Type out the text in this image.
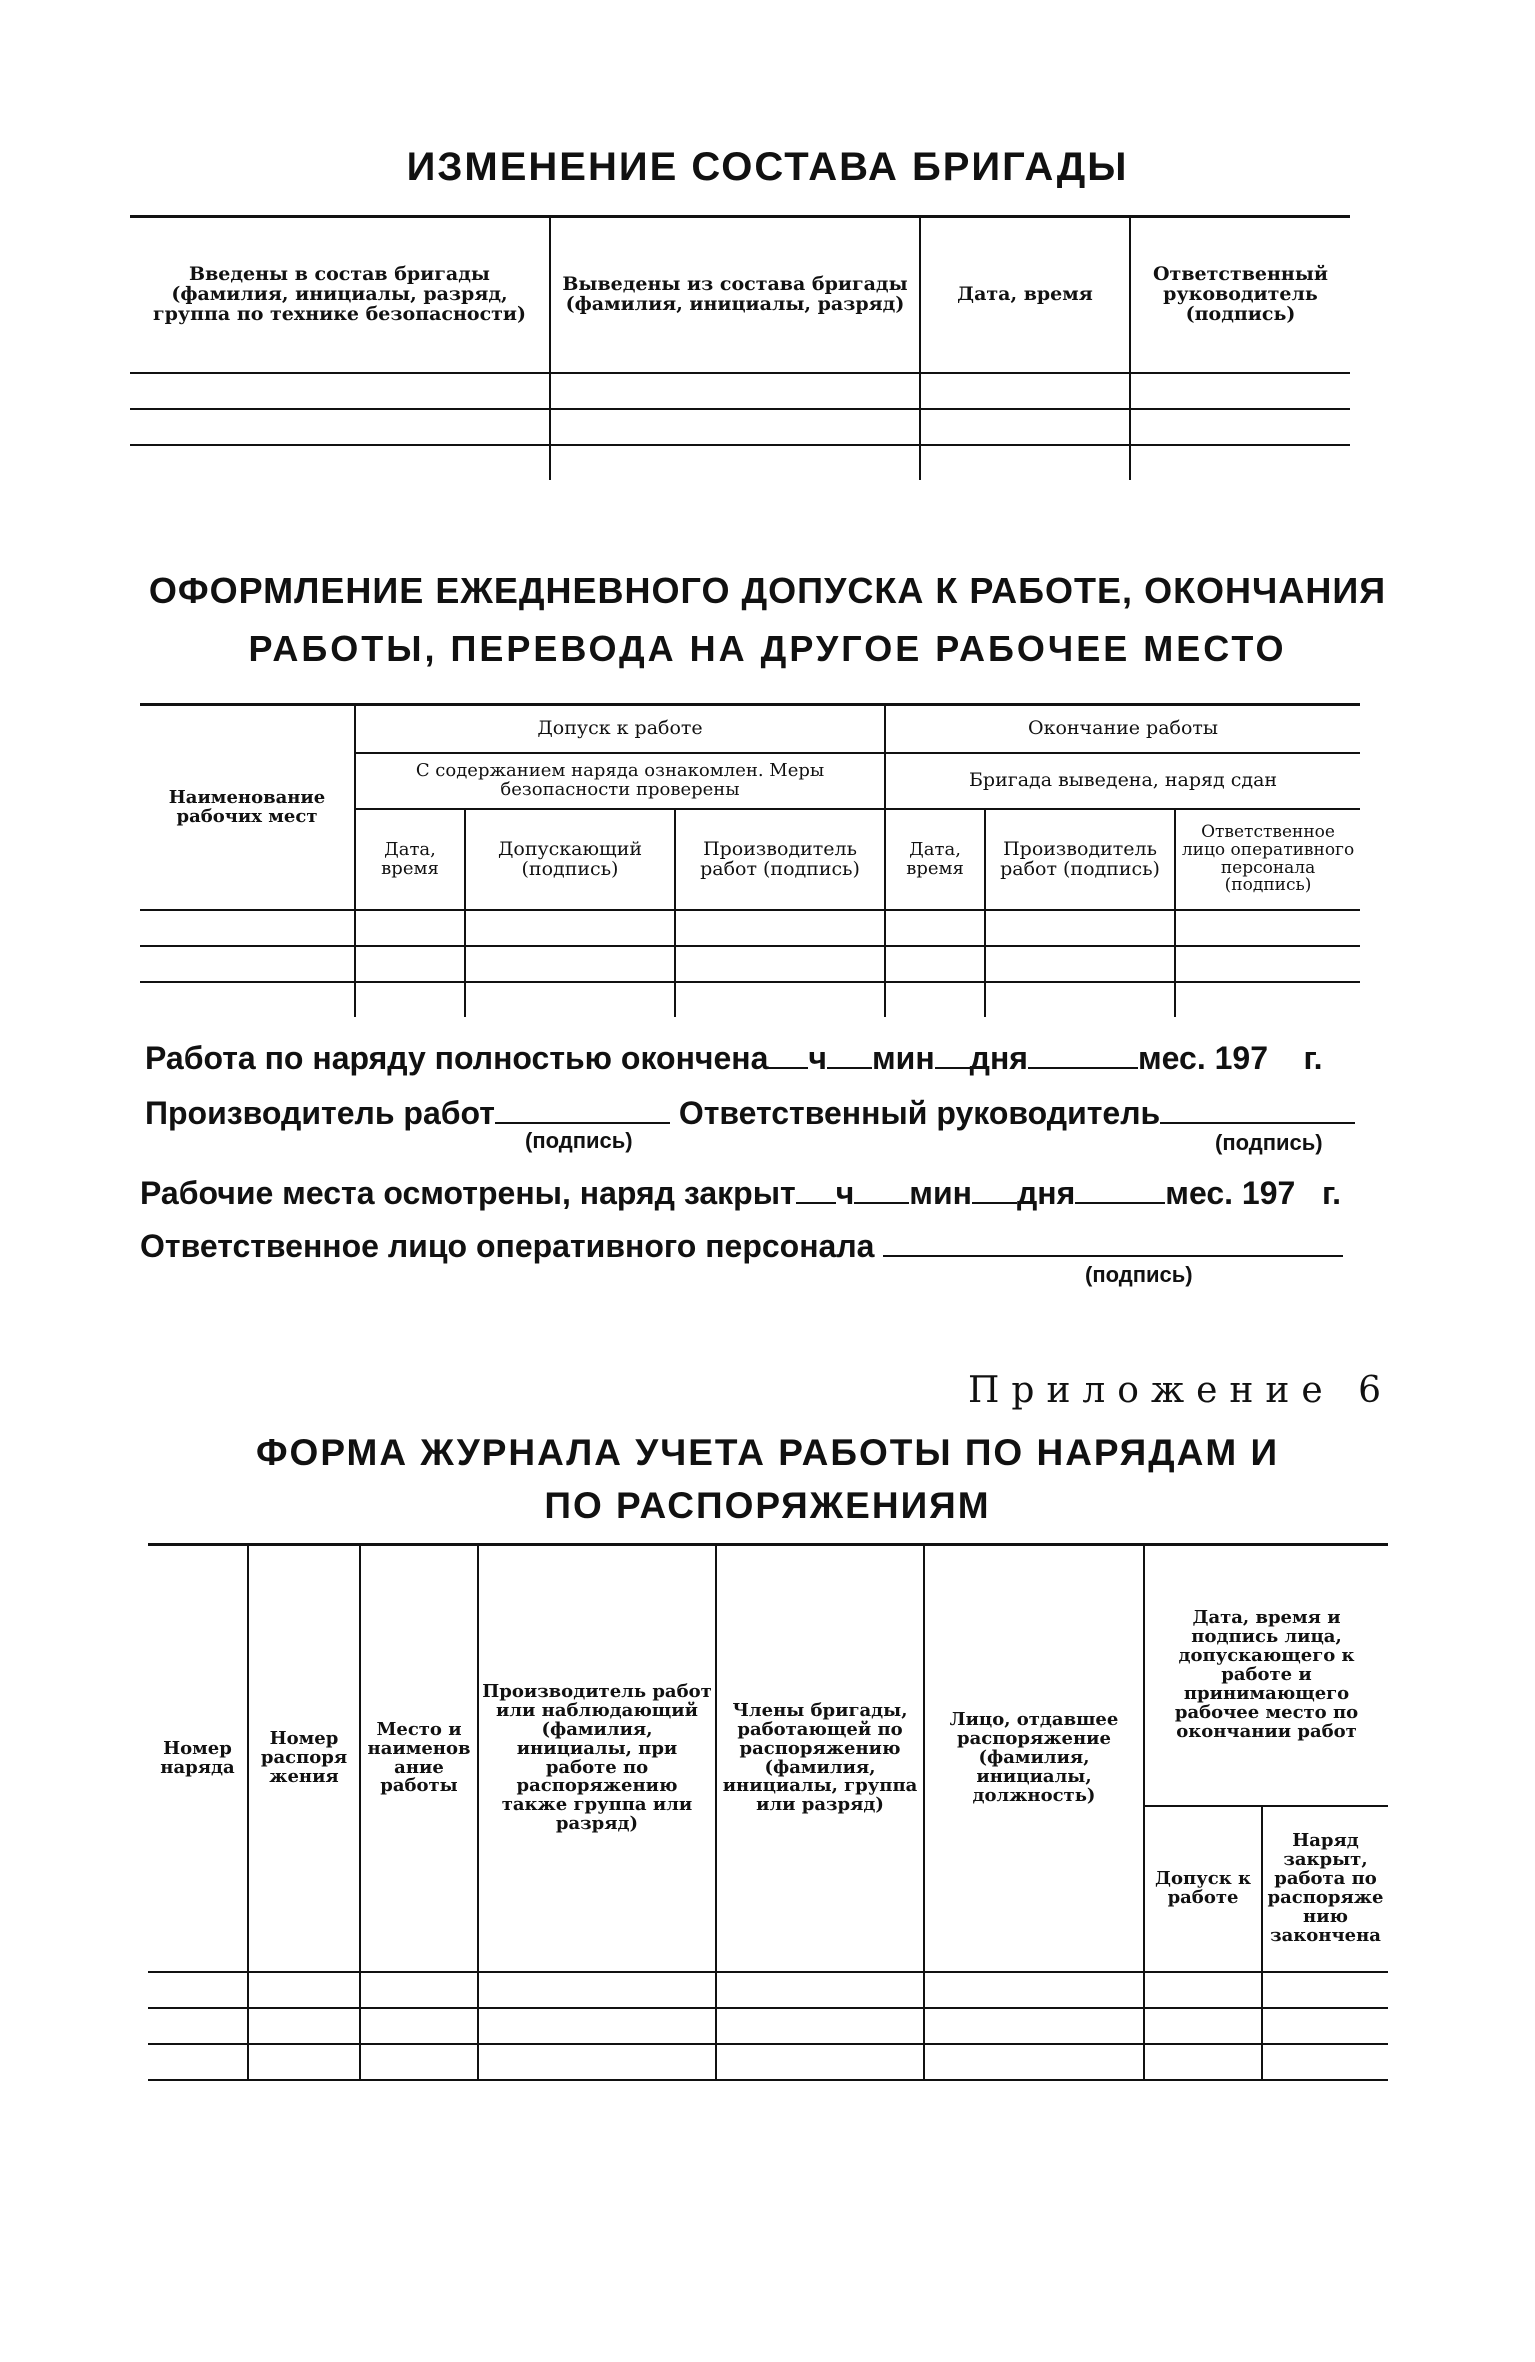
ИЗМЕНЕНИЕ СОСТАВА БРИГАДЫ
Введены в состав бригады (фамилия, инициалы, разряд, группа по технике безопасности)	Выведены из состава бригады (фамилия, инициалы, разряд)	Дата, время	Ответственный руководитель (подпись)

ОФОРМЛЕНИЕ ЕЖЕДНЕВНОГО ДОПУСКА К РАБОТЕ, ОКОНЧАНИЯ
РАБОТЫ, ПЕРЕВОДА НА ДРУГОЕ РАБОЧЕЕ МЕСТО
Наименование рабочих мест	Допуск к работе			Окончание работы		
	С содержанием наряда ознакомлен. Меры безопасности проверены			Бригада выведена, наряд сдан		
	Дата, время	Допускающий (подпись)	Производитель работ (подпись)	Дата, время	Производитель работ (подпись)	Ответственное лицо оперативного персонала (подпись)

Работа по наряду полностью окончена ч мин дня	мес. 197 г.
Производитель работ	Ответственный руководитель
(подпись)	(подпись)
Рабочие места осмотрены, наряд закрыт ч мин дня	мес. 197 г.
Ответственное лицо оперативного персонала
(подпись)
Приложение 6
ФОРМА ЖУРНАЛА УЧЕТА РАБОТЫ ПО НАРЯДАМ И
ПО РАСПОРЯЖЕНИЯМ
Номер наряда	Номер распоряжения	Место и наименование работы	Производитель работ или наблюдающий (фамилия, инициалы, при работе по распоряжению также группа или разряд)	Члены бригады, работающей по распоряжению (фамилия, инициалы, группа или разряд)	Лицо, отдавшее распоряжение (фамилия, инициалы, должность)	Дата, время и подпись лица, допускающего к работе и принимающего рабочее место по окончании работ	
						Допуск к работе	Наряд закрыт, работа по распоряжению закончена
